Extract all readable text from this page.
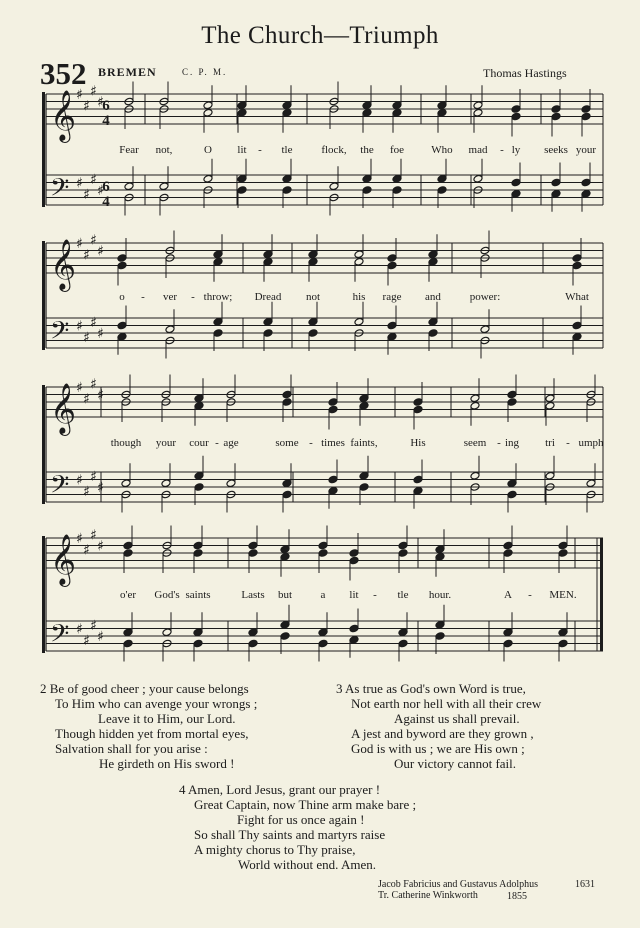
The Church—Triumph
352 BREMEN	C. P. M.	Thomas Hastings
𝄞 ♯
♯
♯
♯
6
4
𝄢 ♯
♯
♯
♯
6
4
𝄞 ♯
♯
♯
♯
𝄢 ♯
♯
♯
♯
𝄞 ♯
♯
♯
♯
𝄢 ♯
♯
♯
♯
𝄞 ♯
♯
♯
♯
𝄢 ♯
♯
♯
♯
Fear not,	O lit - tle	flock, the foe Who mad - ly seeks your
o - ver - throw; Dread not	his rage and	power:	What
though your cour - age	some - times faints,	His	seem - ing tri - umph
o'er God's saints	Lasts but	a lit - tle hour.	A - MEN.
2 Be of good cheer ; your cause belongs
To Him who can avenge your wrongs ;
Leave it to Him, our Lord.
Though hidden yet from mortal eyes,
Salvation shall for you arise :
He girdeth on His sword !
3 As true as God's own Word is true,
Not earth nor hell with all their crew
Against us shall prevail.
A jest and byword are they grown ,
God is with us ; we are His own ;
Our victory cannot fail.
4 Amen, Lord Jesus, grant our prayer !
Great Captain, now Thine arm make bare ;
Fight for us once again !
So shall Thy saints and martyrs raise
A mighty chorus to Thy praise,
World without end. Amen.
Jacob Fabricius and Gustavus Adolphus	1631
Tr. Catherine Winkworth	1855
